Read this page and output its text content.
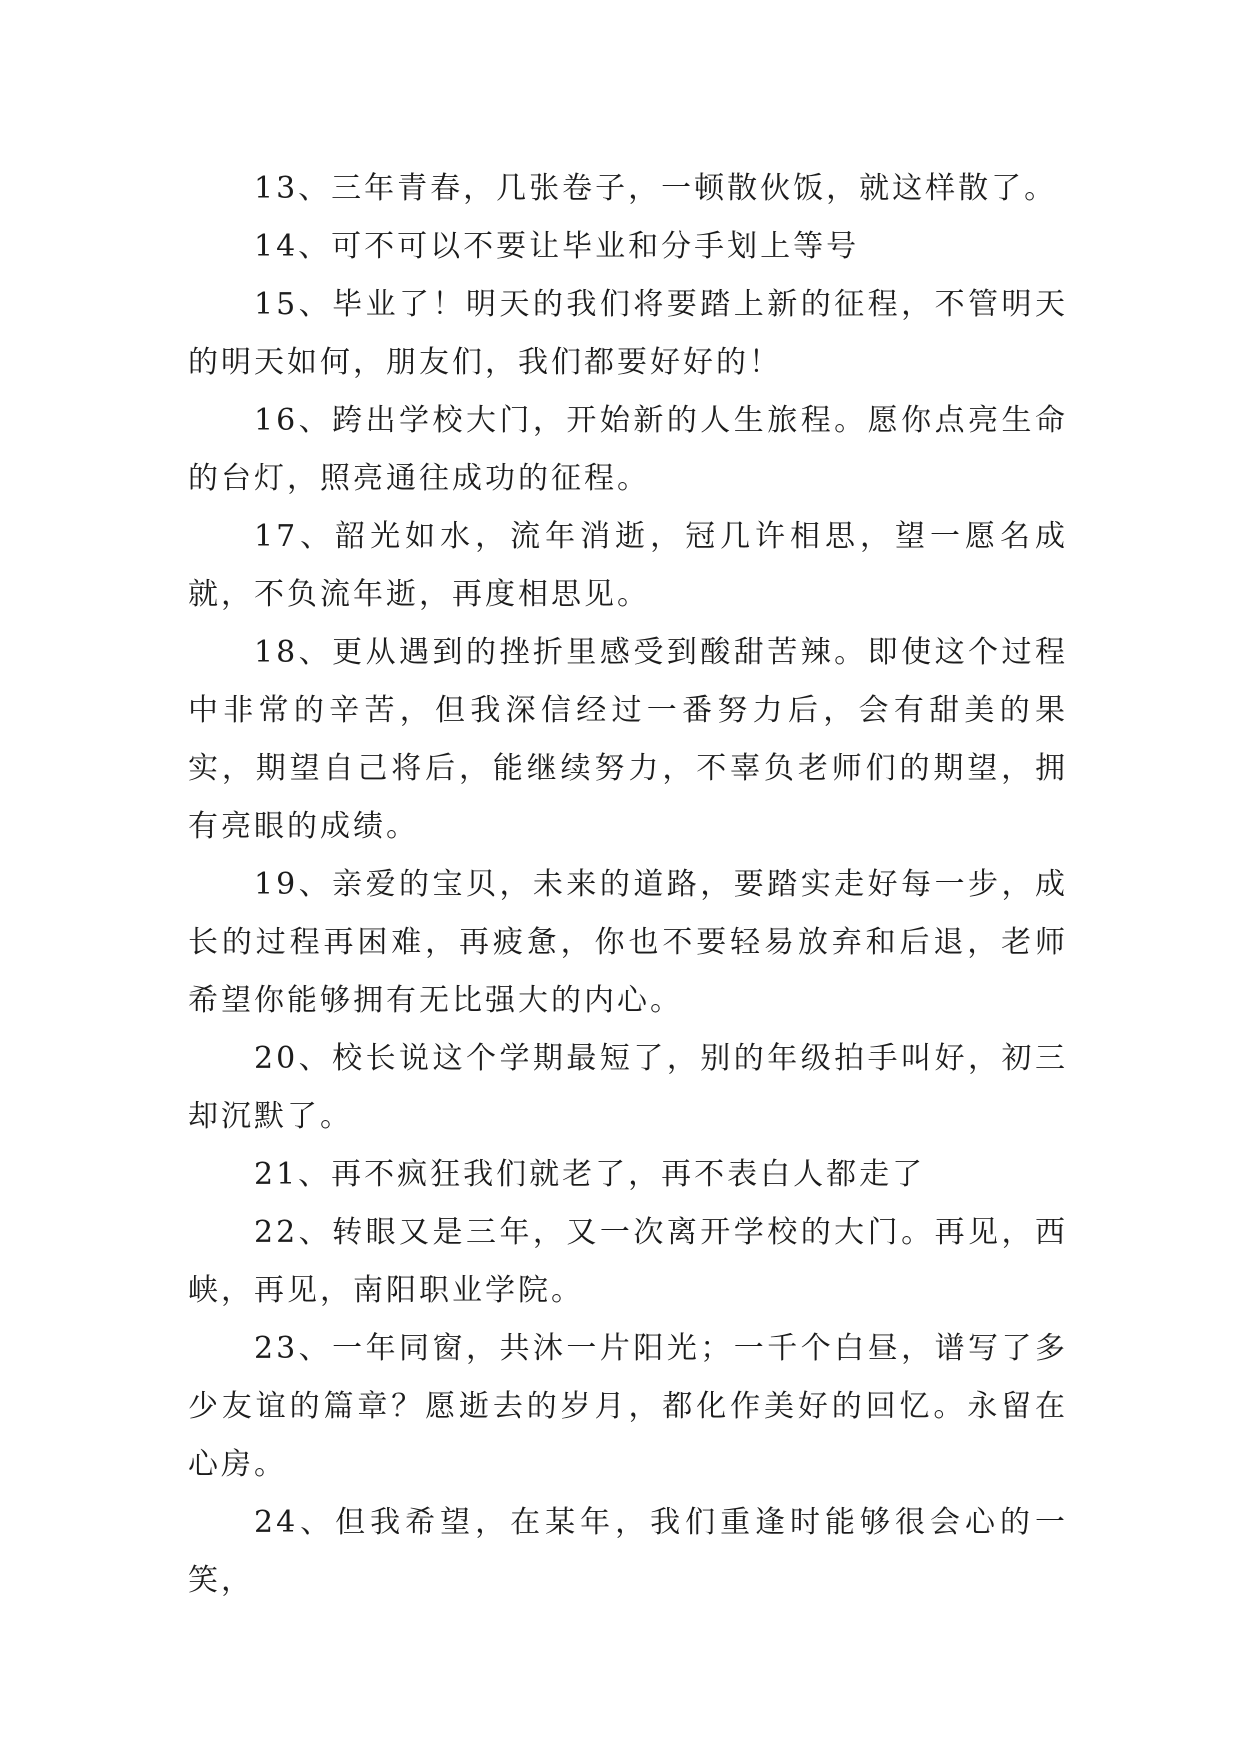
13、三年青春，几张卷子，一顿散伙饭，就这样散了。

14、可不可以不要让毕业和分手划上等号

15、毕业了！明天的我们将要踏上新的征程，不管明天的明天如何，朋友们，我们都要好好的！

16、跨出学校大门，开始新的人生旅程。愿你点亮生命的台灯，照亮通往成功的征程。

17、韶光如水，流年消逝，冠几许相思，望一愿名成就，不负流年逝，再度相思见。

18、更从遇到的挫折里感受到酸甜苦辣。即使这个过程中非常的辛苦，但我深信经过一番努力后，会有甜美的果实，期望自己将后，能继续努力，不辜负老师们的期望，拥有亮眼的成绩。

19、亲爱的宝贝，未来的道路，要踏实走好每一步，成长的过程再困难，再疲惫，你也不要轻易放弃和后退，老师希望你能够拥有无比强大的内心。

20、校长说这个学期最短了，别的年级拍手叫好，初三却沉默了。

21、再不疯狂我们就老了，再不表白人都走了

22、转眼又是三年，又一次离开学校的大门。再见，西峡，再见，南阳职业学院。

23、一年同窗，共沐一片阳光；一千个白昼，谱写了多少友谊的篇章？愿逝去的岁月，都化作美好的回忆。永留在心房。

24、但我希望，在某年，我们重逢时能够很会心的一笑，
